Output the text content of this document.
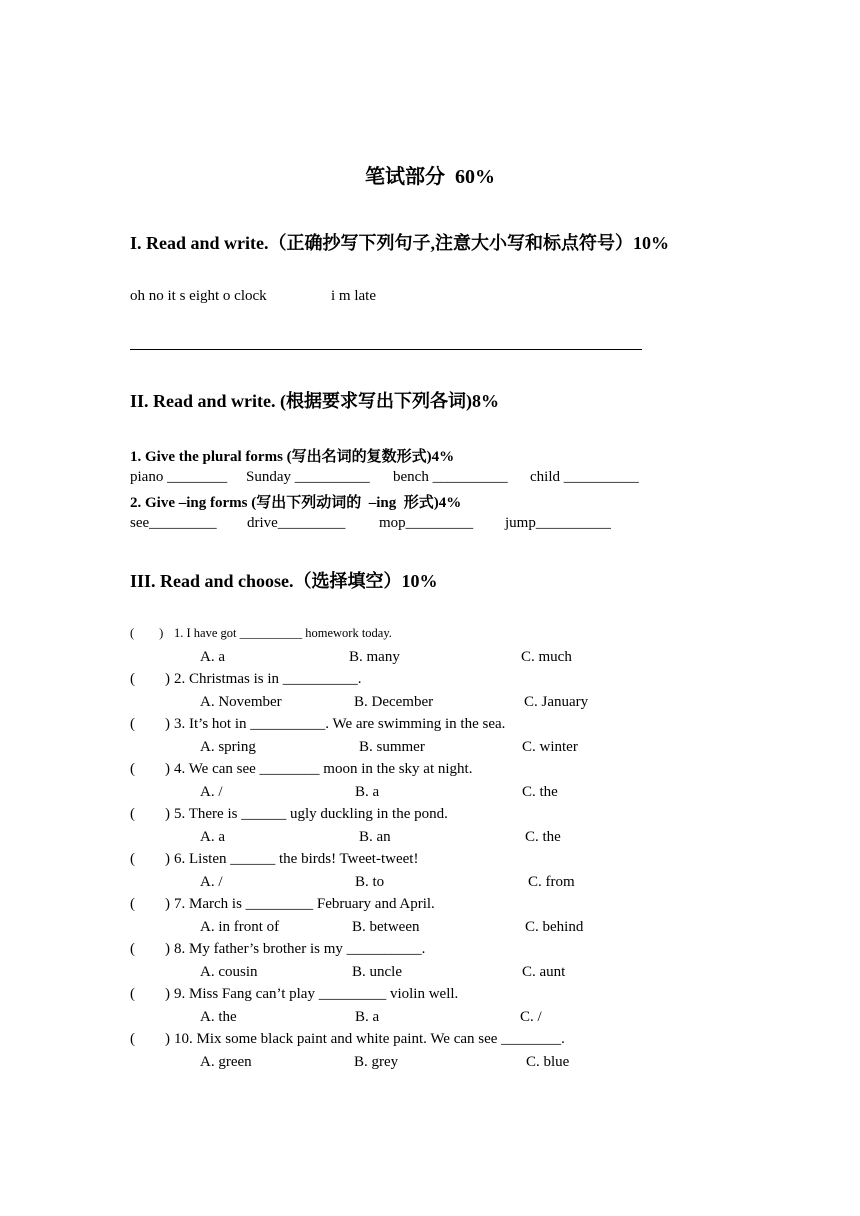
笔试部分  60%
I. Read and write.（正确抄写下列句子,注意大小写和标点符号）10%
oh no it s eight o clock	i m late
II. Read and write. (根据要求写出下列各词)8%
1. Give the plural forms (写出名词的复数形式)4%
piano ________ Sunday __________ bench __________ child __________
2. Give –ing forms (写出下列动词的  –ing  形式)4%
see_________ drive_________ mop_________ jump__________
III. Read and choose.（选择填空）10%
(        ) 1. I have got __________ homework today.
A. a	B. many	C. much
(        ) 2. Christmas is in __________.
A. November	B. December	C. January
(        ) 3. It’s hot in __________. We are swimming in the sea.
A. spring	B. summer	C. winter
(        ) 4. We can see ________ moon in the sky at night.
A. /	B. a	C. the
(        ) 5. There is ______ ugly duckling in the pond.
A. a	B. an	C. the
(        ) 6. Listen ______ the birds! Tweet-tweet!
A. /	B. to	C. from
(        ) 7. March is _________ February and April.
A. in front of	B. between	C. behind
(        ) 8. My father’s brother is my __________.
A. cousin	B. uncle	C. aunt
(        ) 9. Miss Fang can’t play _________ violin well.
A. the	B. a	C. /
(        ) 10. Mix some black paint and white paint. We can see ________.
A. green	B. grey	C. blue
